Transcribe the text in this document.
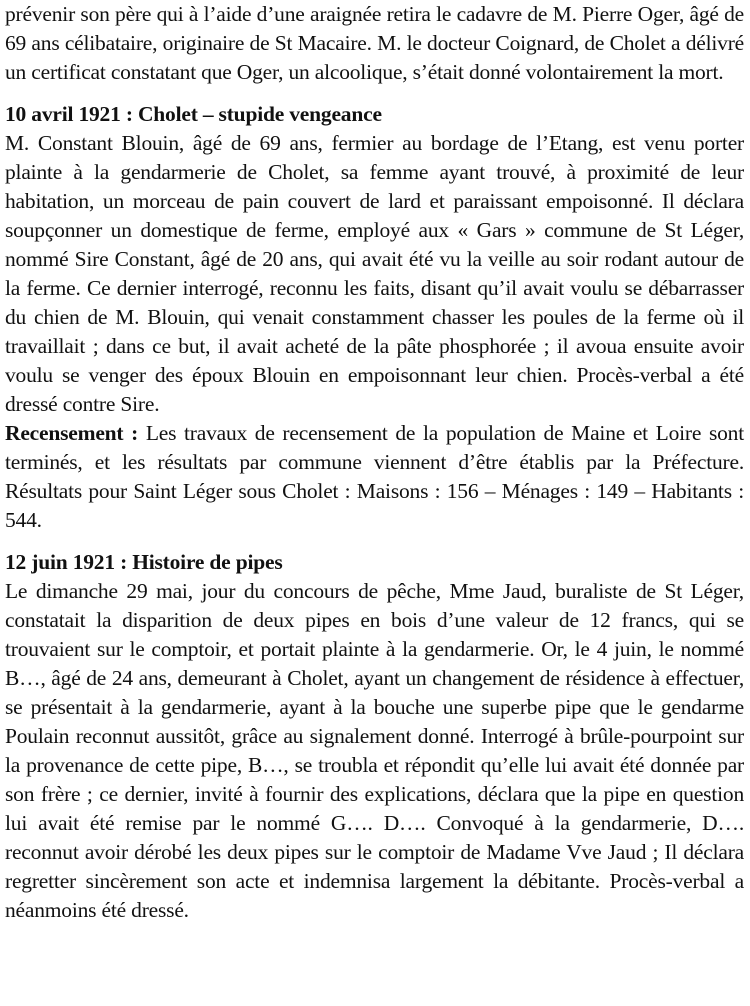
prévenir son père qui à l’aide d’une araignée retira le cadavre de M. Pierre Oger, âgé de 69 ans célibataire, originaire de St Macaire. M. le docteur Coignard, de Cholet a délivré un certificat constatant que Oger, un alcoolique, s’était donné volontairement la mort.

10 avril 1921 : Cholet – stupide vengeance

M. Constant Blouin, âgé de 69 ans, fermier au bordage de l’Etang, est venu porter plainte à la gendarmerie de Cholet, sa femme ayant trouvé, à proximité de leur habitation, un morceau de pain couvert de lard et paraissant empoisonné. Il déclara soupçonner un domestique de ferme, employé aux « Gars » commune de St Léger, nommé Sire Constant, âgé de 20 ans, qui avait été vu la veille au soir rodant autour de la ferme. Ce dernier interrogé, reconnu les faits, disant qu’il avait voulu se débarrasser du chien de M. Blouin, qui venait constamment chasser les poules de la ferme où il travaillait ; dans ce but, il avait acheté de la pâte phosphorée ; il avoua ensuite avoir voulu se venger des époux Blouin en empoisonnant leur chien. Procès-verbal a été dressé contre Sire.

Recensement : Les travaux de recensement de la population de Maine et Loire sont terminés, et les résultats par commune viennent d’être établis par la Préfecture. Résultats pour Saint Léger sous Cholet : Maisons : 156 – Ménages : 149 – Habitants : 544.

12 juin 1921 : Histoire de pipes

Le dimanche 29 mai, jour du concours de pêche, Mme Jaud, buraliste de St Léger, constatait la disparition de deux pipes en bois d’une valeur de 12 francs, qui se trouvaient sur le comptoir, et portait plainte à la gendarmerie. Or, le 4 juin, le nommé B…, âgé de 24 ans, demeurant à Cholet, ayant un changement de résidence à effectuer, se présentait à la gendarmerie, ayant à la bouche une superbe pipe que le gendarme Poulain reconnut aussitôt, grâce au signalement donné. Interrogé à brûle-pourpoint sur la provenance de cette pipe, B…, se troubla et répondit qu’elle lui avait été donnée par son frère ; ce dernier, invité à fournir des explications, déclara que la pipe en question lui avait été remise par le nommé G…. D…. Convoqué à la gendarmerie, D…. reconnut avoir dérobé les deux pipes sur le comptoir de Madame Vve Jaud ; Il déclara regretter sincèrement son acte et indemnisa largement la débitante. Procès-verbal a néanmoins été dressé.
